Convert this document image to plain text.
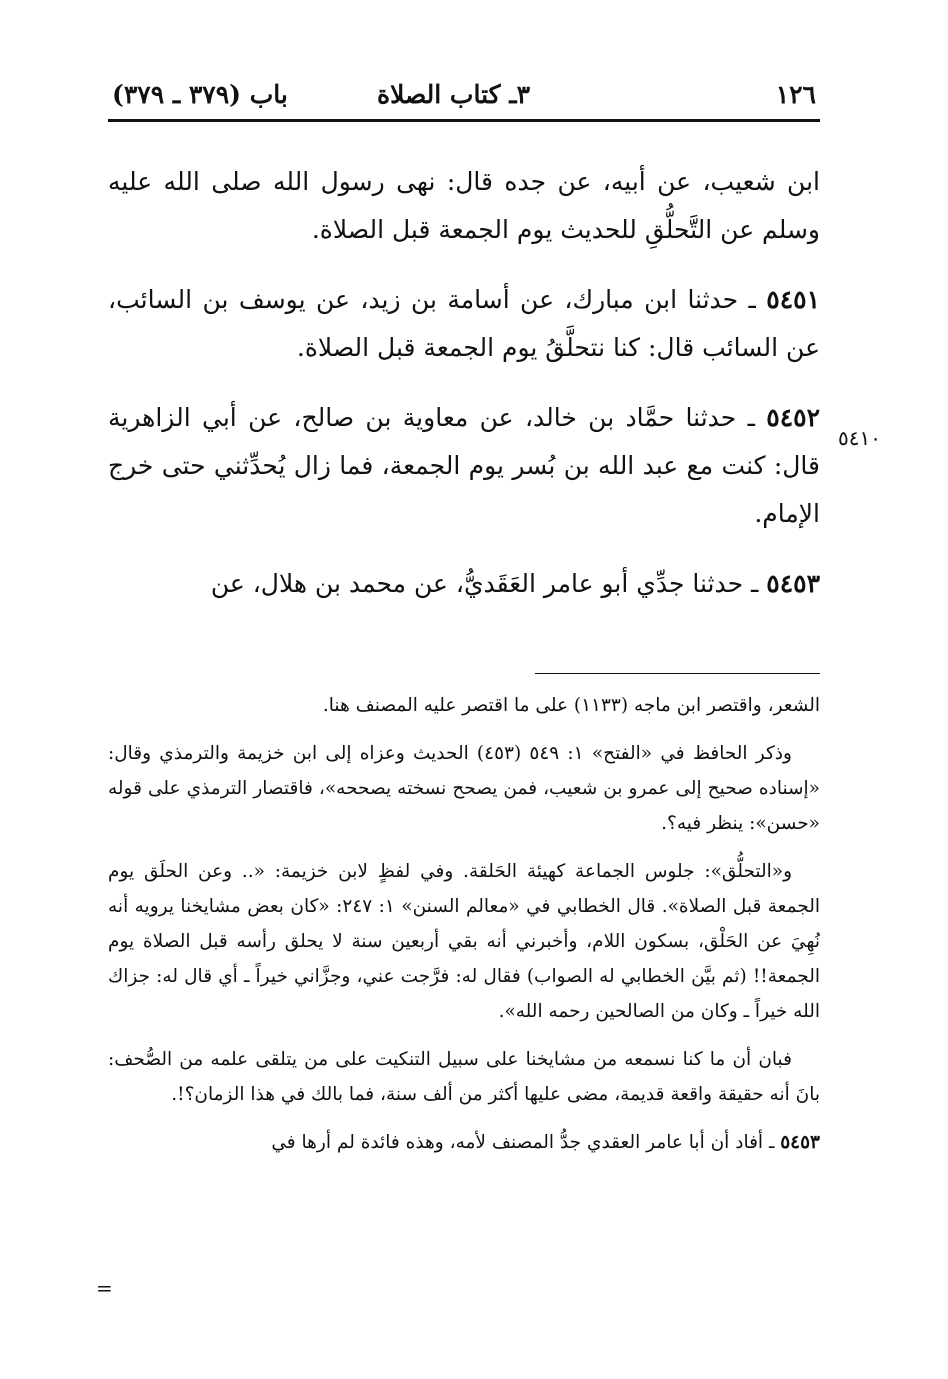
١٢٦
٣ـ كتاب الصلاة
باب (٣٧٩ ـ ٣٧٩)

ابن شعيب، عن أبيه، عن جده قال: نهى رسول الله صلى الله عليه وسلم عن التَّحلُّقِ للحديث يوم الجمعة قبل الصلاة.

٥٤٥١ ـ حدثنا ابن مبارك، عن أسامة بن زيد، عن يوسف بن السائب، عن السائب قال: كنا نتحلَّقُ يوم الجمعة قبل الصلاة.

٥٤٥٢ ـ حدثنا حمَّاد بن خالد، عن معاوية بن صالح، عن أبي الزاهرية قال: كنت مع عبد الله بن بُسر يوم الجمعة، فما زال يُحدِّثني حتى خرج الإمام.

٥٤٥٣ ـ حدثنا جدِّي أبو عامر العَقَديُّ، عن محمد بن هلال، عن

٥٤١٠

الشعر، واقتصر ابن ماجه (١١٣٣) على ما اقتصر عليه المصنف هنا.

وذكر الحافظ في «الفتح» ١: ٥٤٩ (٤٥٣) الحديث وعزاه إلى ابن خزيمة والترمذي وقال: «إسناده صحيح إلى عمرو بن شعيب، فمن يصحح نسخته يصححه»، فاقتصار الترمذي على قوله «حسن»: ينظر فيه؟.

و«التحلُّق»: جلوس الجماعة كهيئة الحَلقة. وفي لفظٍ لابن خزيمة: «.. وعن الحلَق يوم الجمعة قبل الصلاة». قال الخطابي في «معالم السنن» ١: ٢٤٧: «كان بعض مشايخنا يرويه أنه نُهِيَ عن الحَلْق، بسكون اللام، وأخبرني أنه بقي أربعين سنة لا يحلق رأسه قبل الصلاة يوم الجمعة!! (ثم بيَّن الخطابي له الصواب) فقال له: فرَّجت عني، وجزَّاني خيراً ـ أي قال له: جزاك الله خيراً ـ وكان من الصالحين رحمه الله».

فبان أن ما كنا نسمعه من مشايخنا على سبيل التنكيت على من يتلقى علمه من الصُّحف: بانَ أنه حقيقة واقعة قديمة، مضى عليها أكثر من ألف سنة، فما بالك في هذا الزمان؟!.

٥٤٥٣ ـ أفاد أن أبا عامر العقدي جدُّ المصنف لأمه، وهذه فائدة لم أرها في

=
